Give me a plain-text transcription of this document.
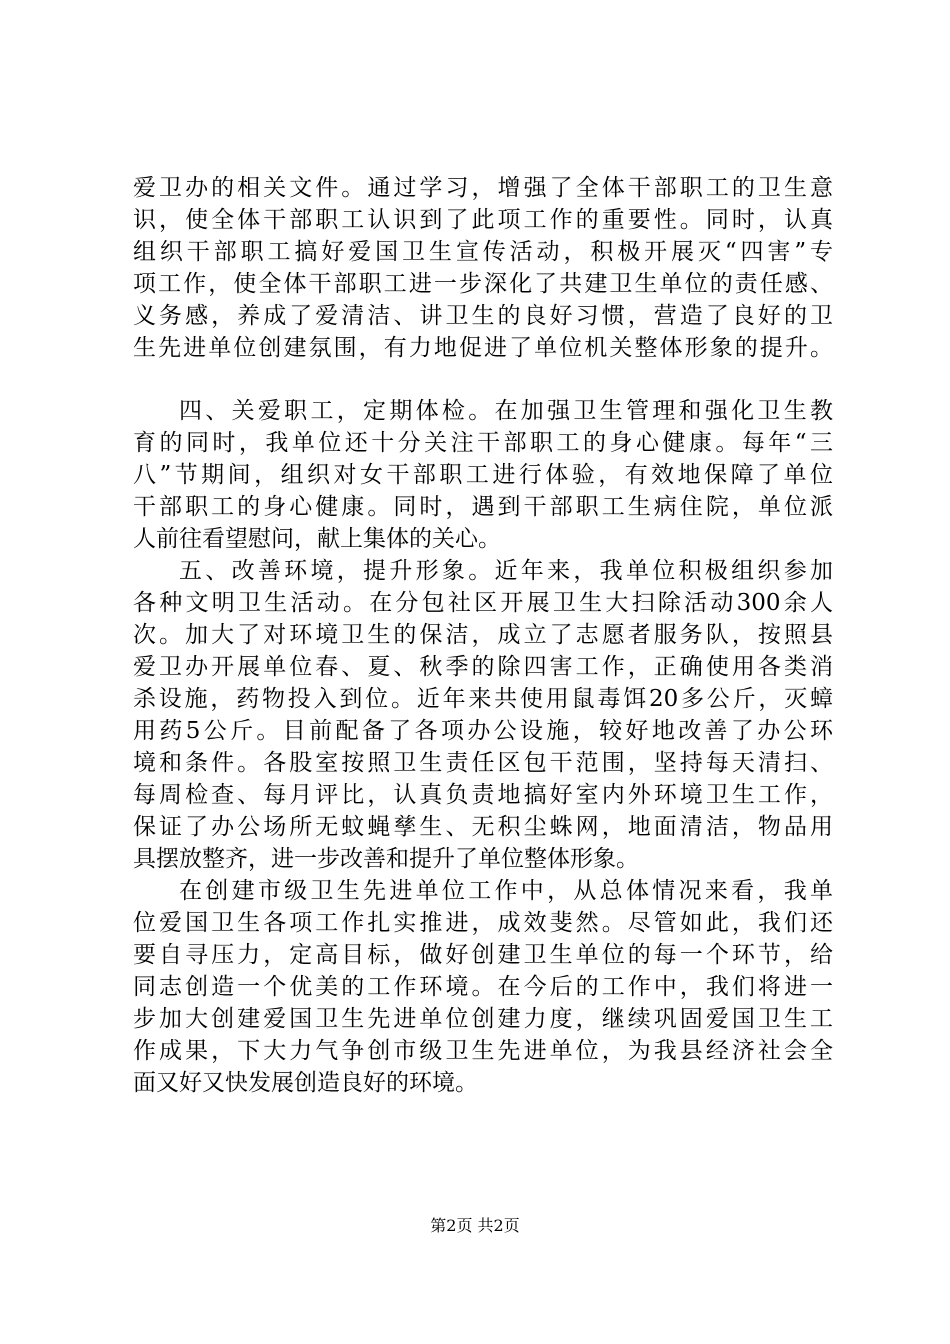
爱卫办的相关文件。通过学习，增强了全体干部职工的卫生意
识，使全体干部职工认识到了此项工作的重要性。同时，认真
组织干部职工搞好爱国卫生宣传活动，积极开展灭“四害”专
项工作，使全体干部职工进一步深化了共建卫生单位的责任感、
义务感，养成了爱清洁、讲卫生的良好习惯，营造了良好的卫
生先进单位创建氛围，有力地促进了单位机关整体形象的提升。
四、关爱职工，定期体检。在加强卫生管理和强化卫生教
育的同时，我单位还十分关注干部职工的身心健康。每年“三
八”节期间，组织对女干部职工进行体验，有效地保障了单位
干部职工的身心健康。同时，遇到干部职工生病住院，单位派
人前往看望慰问，献上集体的关心。
五、改善环境，提升形象。近年来，我单位积极组织参加
各种文明卫生活动。在分包社区开展卫生大扫除活动300余人
次。加大了对环境卫生的保洁，成立了志愿者服务队，按照县
爱卫办开展单位春、夏、秋季的除四害工作，正确使用各类消
杀设施，药物投入到位。近年来共使用鼠毒饵20多公斤，灭蟑
用药5公斤。目前配备了各项办公设施，较好地改善了办公环
境和条件。各股室按照卫生责任区包干范围，坚持每天清扫、
每周检查、每月评比，认真负责地搞好室内外环境卫生工作，
保证了办公场所无蚊蝇孳生、无积尘蛛网，地面清洁，物品用
具摆放整齐，进一步改善和提升了单位整体形象。
在创建市级卫生先进单位工作中，从总体情况来看，我单
位爱国卫生各项工作扎实推进，成效斐然。尽管如此，我们还
要自寻压力，定高目标，做好创建卫生单位的每一个环节，给
同志创造一个优美的工作环境。在今后的工作中，我们将进一
步加大创建爱国卫生先进单位创建力度，继续巩固爱国卫生工
作成果，下大力气争创市级卫生先进单位，为我县经济社会全
面又好又快发展创造良好的环境。
第2页 共2页
